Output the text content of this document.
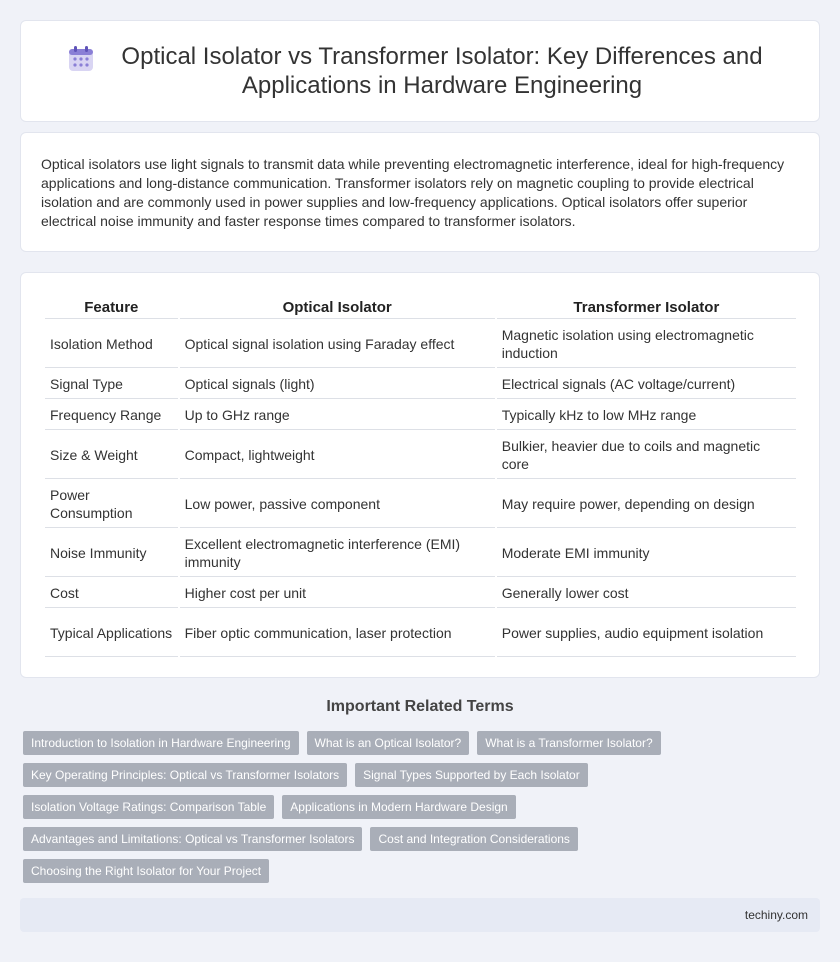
Optical Isolator vs Transformer Isolator: Key Differences and Applications in Hardware Engineering

Optical isolators use light signals to transmit data while preventing electromagnetic interference, ideal for high-frequency applications and long-distance communication. Transformer isolators rely on magnetic coupling to provide electrical isolation and are commonly used in power supplies and low-frequency applications. Optical isolators offer superior electrical noise immunity and faster response times compared to transformer isolators.

Feature	Optical Isolator	Transformer Isolator
Isolation Method	Optical signal isolation using Faraday effect	Magnetic isolation using electromagnetic induction
Signal Type	Optical signals (light)	Electrical signals (AC voltage/current)
Frequency Range	Up to GHz range	Typically kHz to low MHz range
Size & Weight	Compact, lightweight	Bulkier, heavier due to coils and magnetic core
Power Consumption	Low power, passive component	May require power, depending on design
Noise Immunity	Excellent electromagnetic interference (EMI) immunity	Moderate EMI immunity
Cost	Higher cost per unit	Generally lower cost
Typical Applications	Fiber optic communication, laser protection	Power supplies, audio equipment isolation
Important Related Terms
Introduction to Isolation in Hardware Engineering	What is an Optical Isolator?	What is a Transformer Isolator?
Key Operating Principles: Optical vs Transformer Isolators	Signal Types Supported by Each Isolator
Isolation Voltage Ratings: Comparison Table	Applications in Modern Hardware Design
Advantages and Limitations: Optical vs Transformer Isolators	Cost and Integration Considerations
Choosing the Right Isolator for Your Project
techiny.com
